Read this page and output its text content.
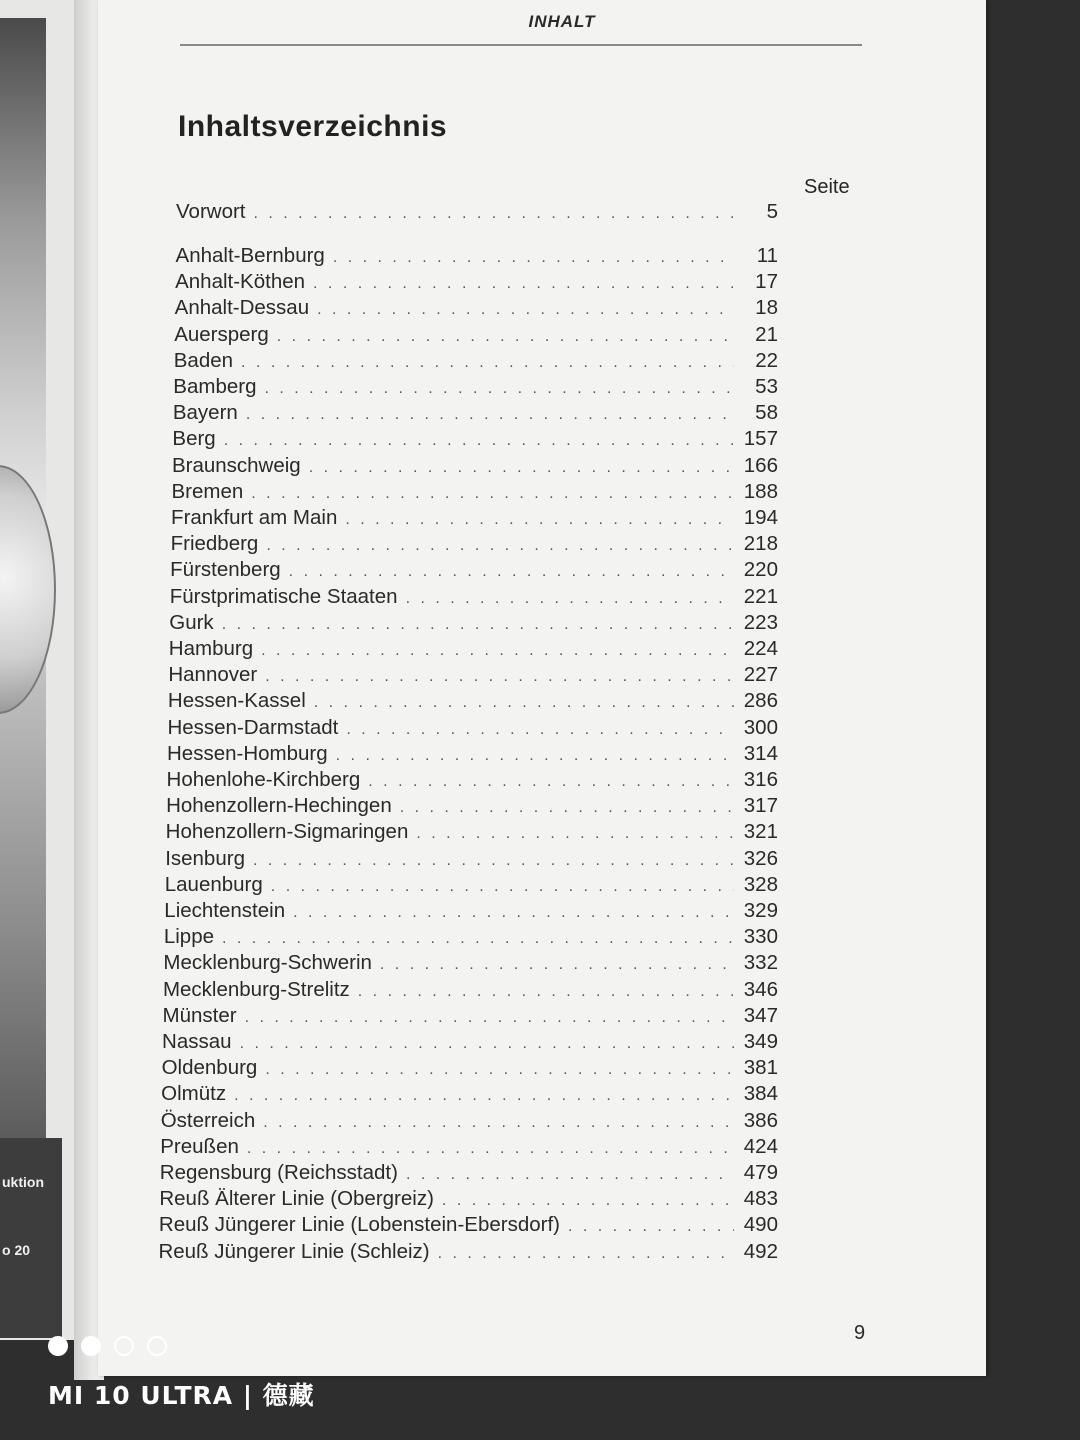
uktion
o 20
INHALT
Inhaltsverzeichnis
Seite
Vorwort . . .	5
Anhalt-Bernburg . . .	11
Anhalt-Köthen . . .	17
Anhalt-Dessau . . .	18
Auersperg . . .	21
Baden . . .	22
Bamberg . . .	53
Bayern . . .	58
Berg . . .	157
Braunschweig . . .	166
Bremen . . .	188
Frankfurt am Main . . .	194
Friedberg . . .	218
Fürstenberg . . .	220
Fürstprimatische Staaten . . .	221
Gurk . . .	223
Hamburg . . .	224
Hannover . . .	227
Hessen-Kassel . . .	286
Hessen-Darmstadt . . .	300
Hessen-Homburg . . .	314
Hohenlohe-Kirchberg . . .	316
Hohenzollern-Hechingen . . .	317
Hohenzollern-Sigmaringen . . .	321
Isenburg . . .	326
Lauenburg . . .	328
Liechtenstein . . .	329
Lippe . . .	330
Mecklenburg-Schwerin . . .	332
Mecklenburg-Strelitz . . .	346
Münster . . .	347
Nassau . . .	349
Oldenburg . . .	381
Olmütz . . .	384
Österreich . . .	386
Preußen . . .	424
Regensburg (Reichsstadt) . . .	479
Reuß Älterer Linie (Obergreiz) . . .	483
Reuß Jüngerer Linie (Lobenstein-Ebersdorf) . . .	490
Reuß Jüngerer Linie (Schleiz) . . .	492
9
MI 10 ULTRA | 德藏
